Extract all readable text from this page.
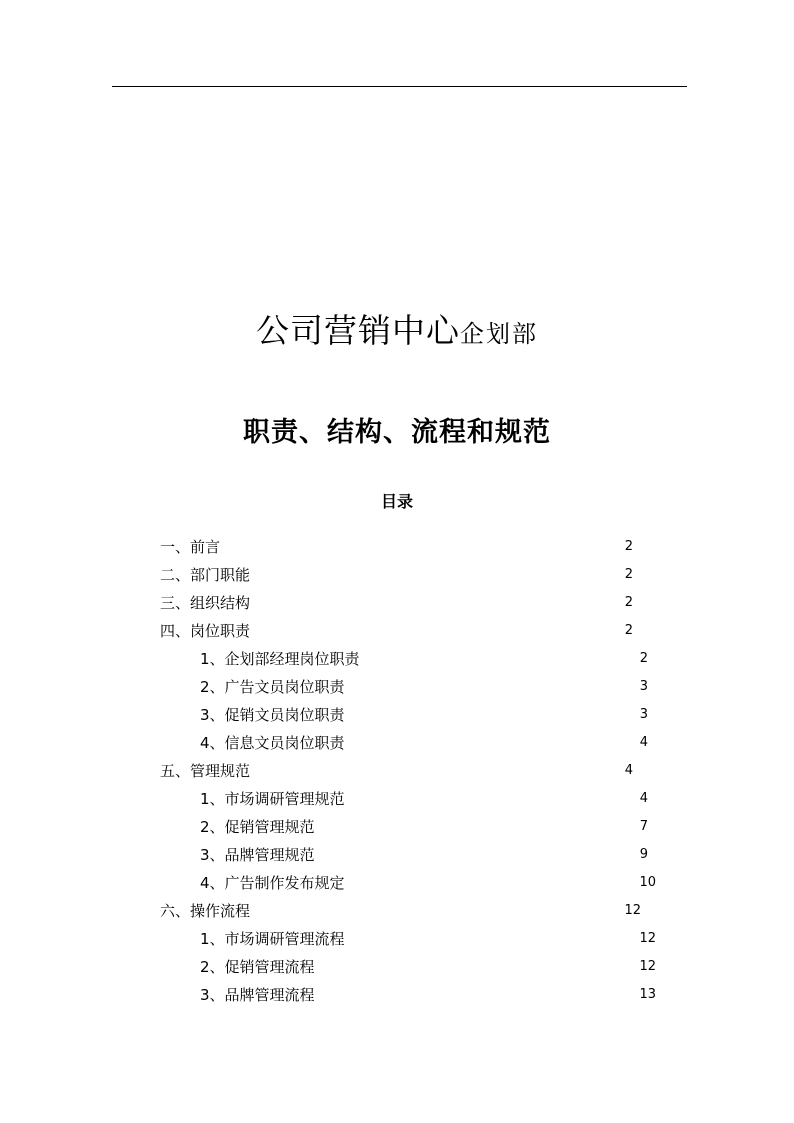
公司营销中心企划部
职责、结构、流程和规范
目录
一、前言	2
二、部门职能	2
三、组织结构	2
四、岗位职责	2
1、企划部经理岗位职责	2
2、广告文员岗位职责	3
3、促销文员岗位职责	3
4、信息文员岗位职责	4
五、管理规范	4
1、市场调研管理规范	4
2、促销管理规范	7
3、品牌管理规范	9
4、广告制作发布规定	10
六、操作流程	12
1、市场调研管理流程	12
2、促销管理流程	12
3、品牌管理流程	13
